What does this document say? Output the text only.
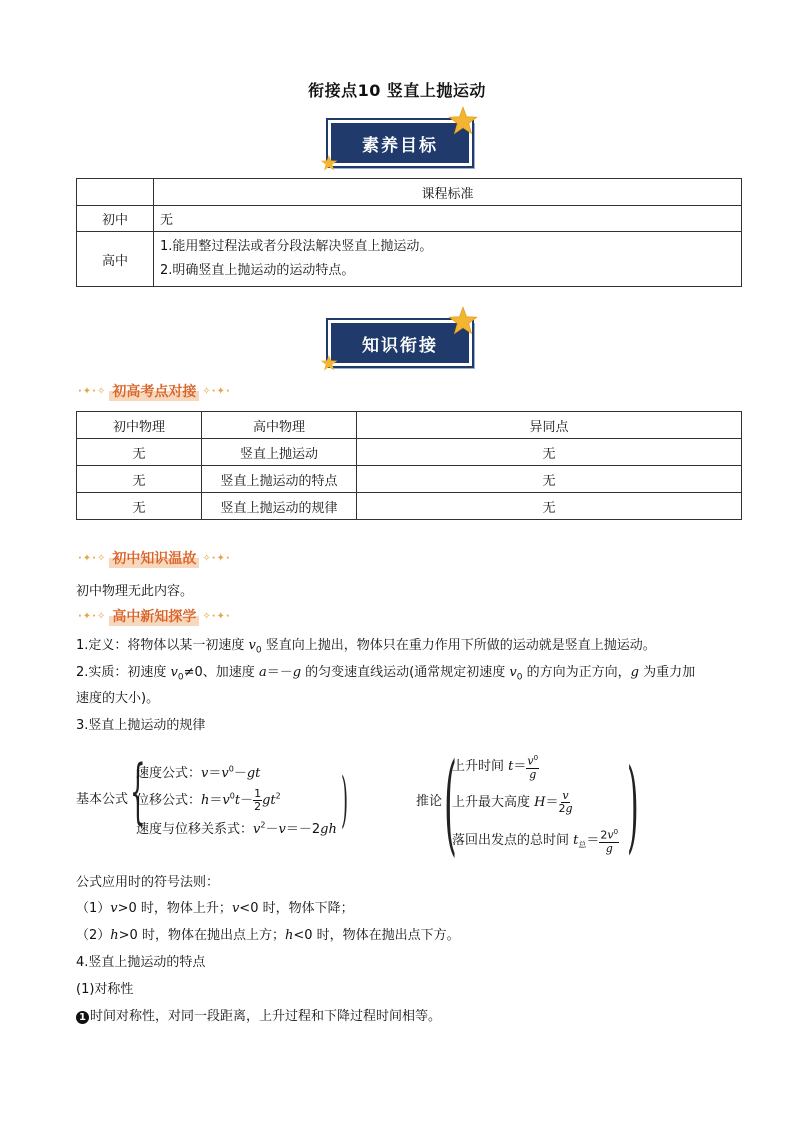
衔接点10 竖直上抛运动
素养目标
	课程标准
初中	无
高中	1.能用整过程法或者分段法解决竖直上抛运动。
2.明确竖直上抛运动的运动特点。
知识衔接
·✦·✧ 初高考点对接 ✧·✦·
初中物理	高中物理	异同点
无	竖直上抛运动	无
无	竖直上抛运动的特点	无
无	竖直上抛运动的规律	无
·✦·✧ 初中知识温故 ✧·✦·
初中物理无此内容。
·✦·✧ 高中新知探学 ✧·✦·
1.定义：将物体以某一初速度 $v_0$ 竖直向上抛出，物体只在重力作用下所做的运动就是竖直上抛运动。
2.实质：初速度 $v_0\ne 0$、加速度 a＝－g 的匀变速直线运动(通常规定初速度 $v_0$ 的方向为正方向，g 为重力加
速度的大小)。
3.竖直上抛运动的规律
基本公式 {
速度公式：$v=v^0-gt$
位移公式：$h=v^0t- \frac{1}{2} gt^2$
速度与位移关系式：$v^2-v=-2gh$ )	推论 (
上升时间 $t= \frac{v^0}{g}$
上升最大高度 $H= \frac{v}{2g}$
落回出发点的总时间 $t_总= \frac{2v^0}{g}$ )
公式应用时的符号法则：
（1）v>0 时，物体上升；v<0 时，物体下降；
（2）h>0 时，物体在抛出点上方；h<0 时，物体在抛出点下方。
4.竖直上抛运动的特点
(1)对称性
1 时间对称性，对同一段距离，上升过程和下降过程时间相等。
